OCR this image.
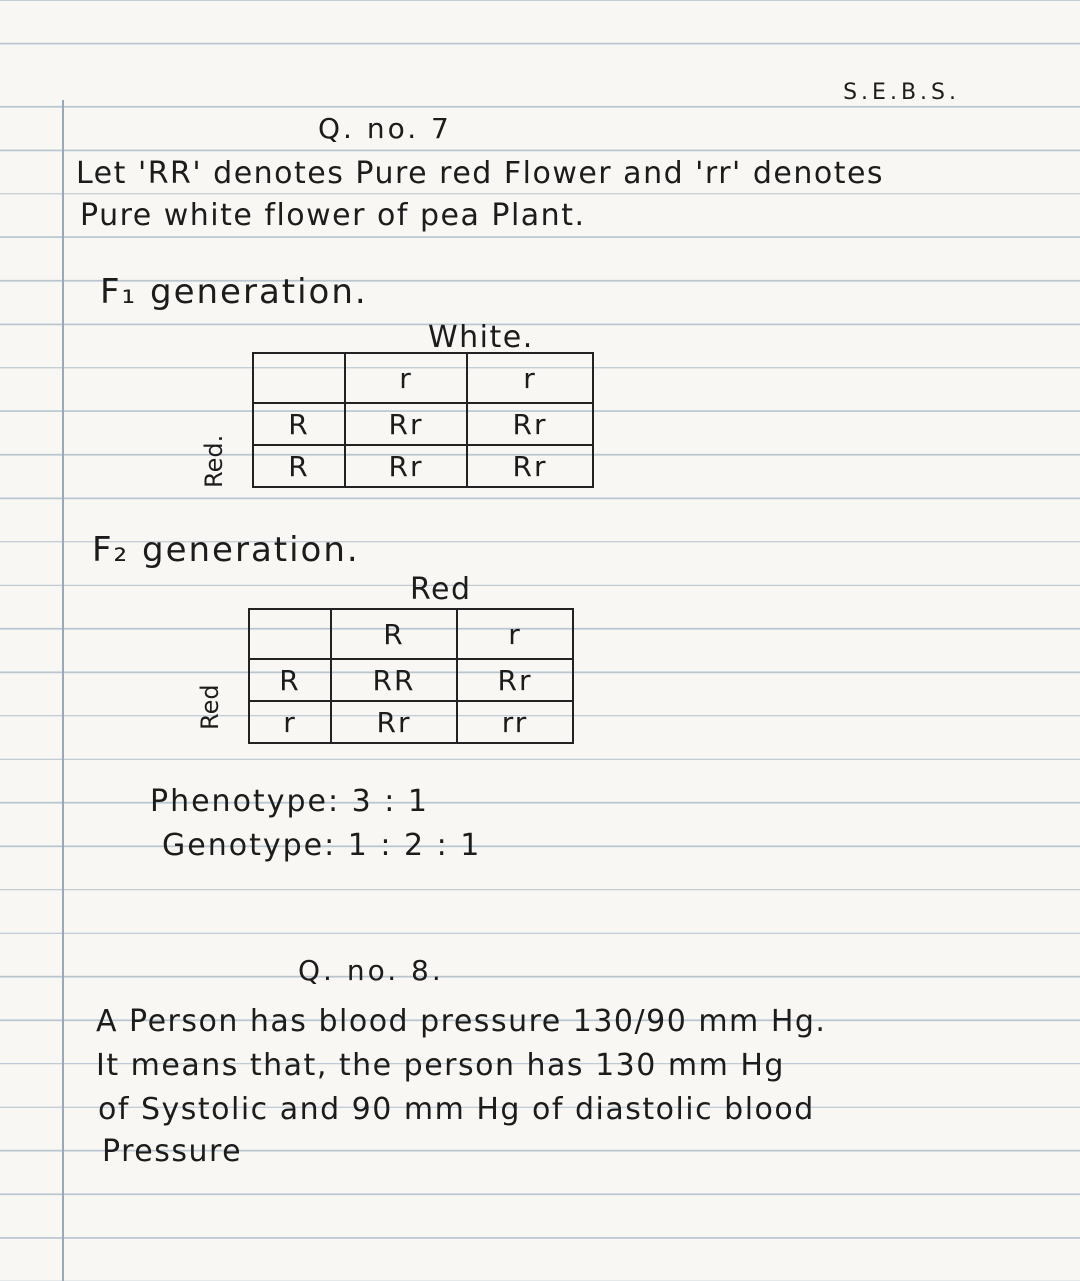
S.E.B.S.
Q. no. 7
Let 'RR' denotes Pure red Flower and 'rr' denotes
Pure white flower of pea Plant.
F₁ generation.
White.
Red.
	r	r
R	Rr	Rr
R	Rr	Rr
F₂ generation.
Red
Red
	R	r
R	RR	Rr
r	Rr	rr
Phenotype: 3 : 1
Genotype: 1 : 2 : 1
Q. no. 8.
A Person has blood pressure 130/90 mm Hg.
It means that, the person has 130 mm Hg
of Systolic and 90 mm Hg of diastolic blood
Pressure
